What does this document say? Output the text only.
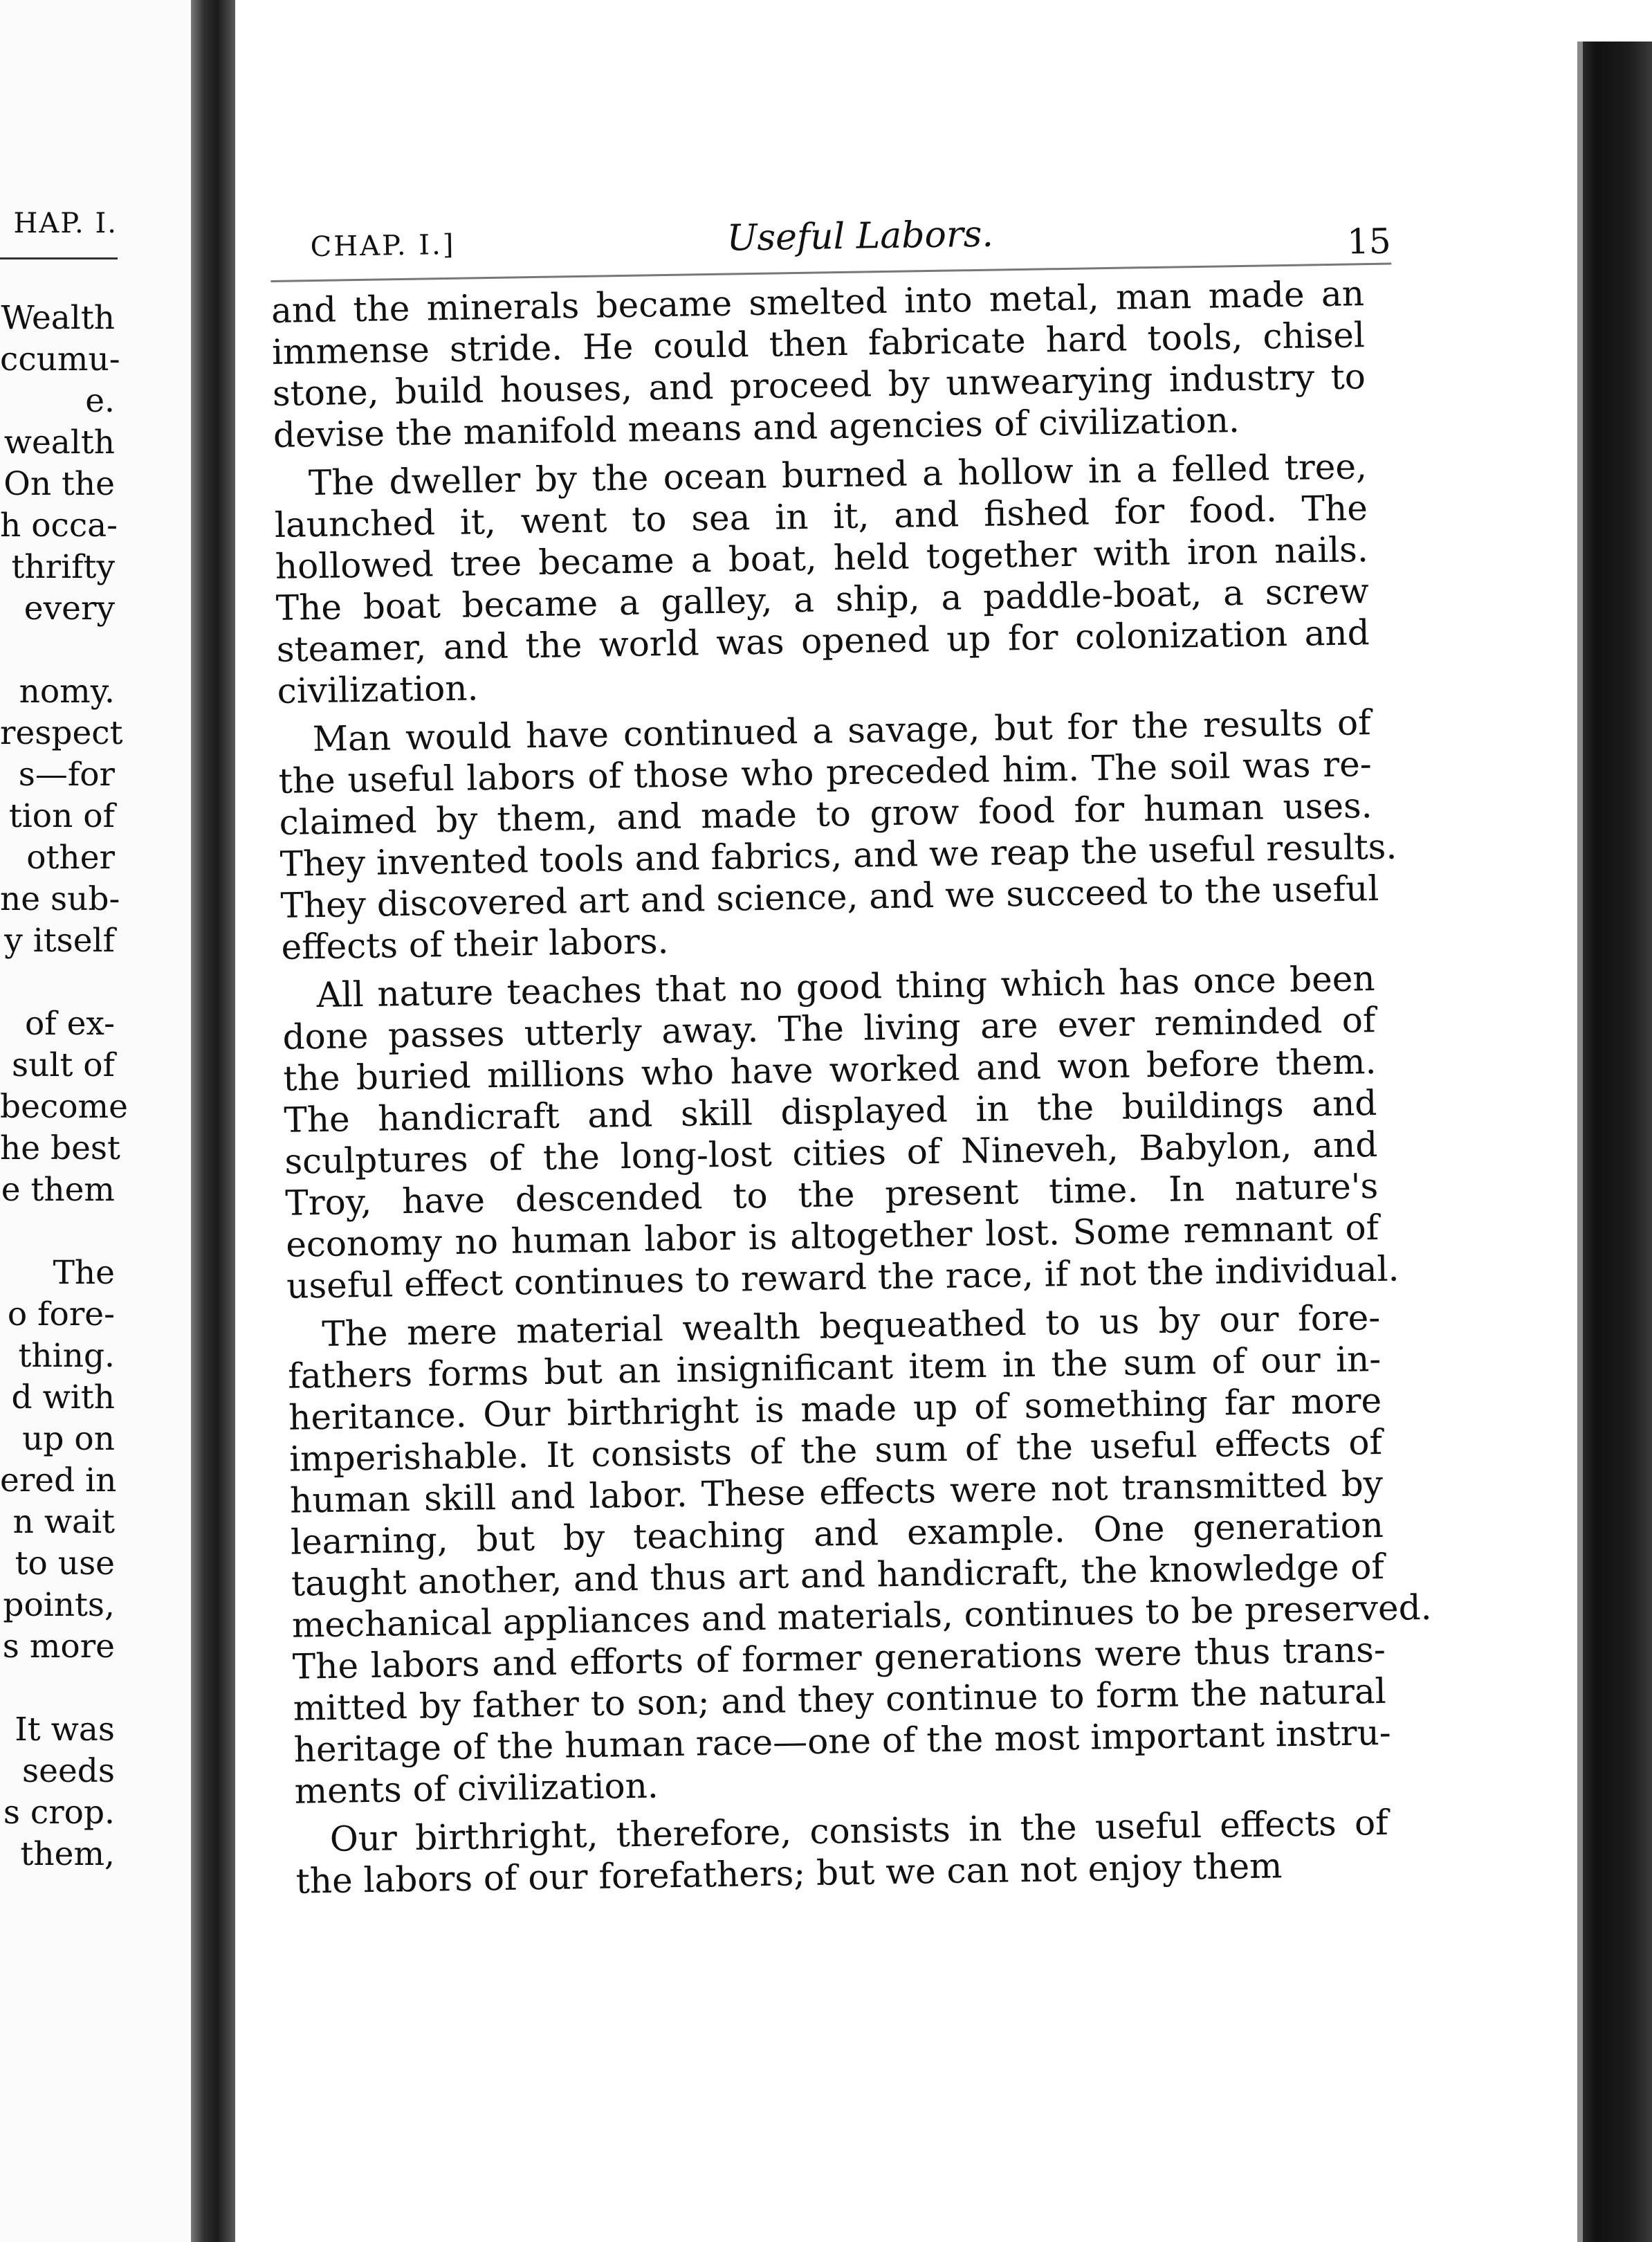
HAP. I.

Wealth
ccumu-
e.
wealth
On the
h occa-
thrifty
every
nomy.
respect
s—for
tion of
other
ne sub-
y itself
of ex-
sult of
become
he best
e them
The
o fore-
thing.
d with
up on
ered in
n wait
to use
points,
s more
It was
seeds
s crop.
them,

CHAP. I.]	Useful Labors.	15

and the minerals became smelted into metal, man made an
immense stride. He could then fabricate hard tools, chisel
stone, build houses, and proceed by unwearying industry to
devise the manifold means and agencies of civilization.

The dweller by the ocean burned a hollow in a felled tree,
launched it, went to sea in it, and fished for food. The
hollowed tree became a boat, held together with iron nails.
The boat became a galley, a ship, a paddle-boat, a screw
steamer, and the world was opened up for colonization and
civilization.

Man would have continued a savage, but for the results of
the useful labors of those who preceded him. The soil was re-
claimed by them, and made to grow food for human uses.
They invented tools and fabrics, and we reap the useful results.
They discovered art and science, and we succeed to the useful
effects of their labors.

All nature teaches that no good thing which has once been
done passes utterly away. The living are ever reminded of
the buried millions who have worked and won before them.
The handicraft and skill displayed in the buildings and
sculptures of the long-lost cities of Nineveh, Babylon, and
Troy, have descended to the present time. In nature's
economy no human labor is altogether lost. Some remnant of
useful effect continues to reward the race, if not the individual.

The mere material wealth bequeathed to us by our fore-
fathers forms but an insignificant item in the sum of our in-
heritance. Our birthright is made up of something far more
imperishable. It consists of the sum of the useful effects of
human skill and labor. These effects were not transmitted by
learning, but by teaching and example. One generation
taught another, and thus art and handicraft, the knowledge of
mechanical appliances and materials, continues to be preserved.
The labors and efforts of former generations were thus trans-
mitted by father to son; and they continue to form the natural
heritage of the human race—one of the most important instru-
ments of civilization.

Our birthright, therefore, consists in the useful effects of
the labors of our forefathers; but we can not enjoy them
